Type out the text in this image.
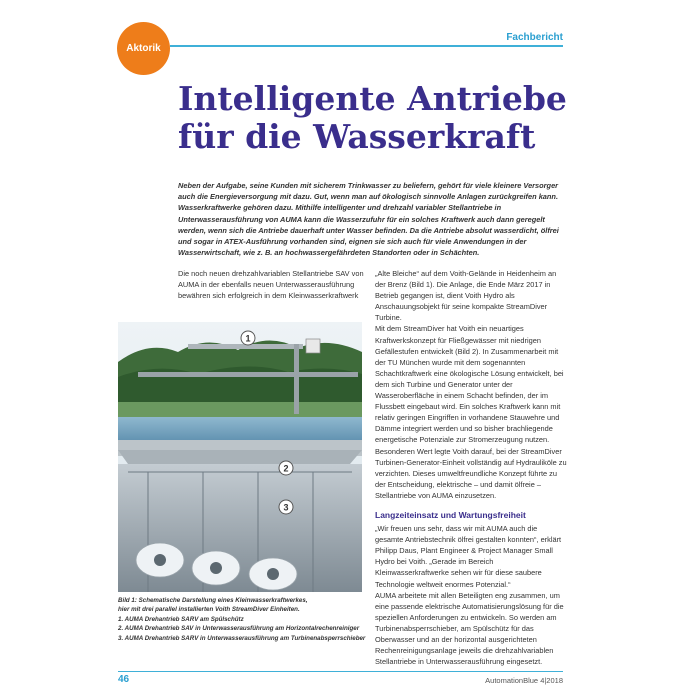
Aktorik
Fachbericht
Intelligente Antriebe für die Wasserkraft

Neben der Aufgabe, seine Kunden mit sicherem Trinkwasser zu beliefern, gehört für viele kleinere Versorger auch die Energieversorgung mit dazu. Gut, wenn man auf ökologisch sinnvolle Anlagen zurückgreifen kann. Wasserkraftwerke gehören dazu. Mithilfe intelligenter und drehzahl variabler Stellantriebe in Unterwasserausführung von AUMA kann die Wasserzufuhr für ein solches Kraftwerk auch dann geregelt werden, wenn sich die Antriebe dauerhaft unter Wasser befinden. Da die Antriebe absolut wasserdicht, ölfrei und sogar in ATEX-Ausführung vorhanden sind, eignen sie sich auch für viele Anwendungen in der Wasserwirtschaft, wie z. B. an hochwassergefährdeten Standorten oder in Schächten.

Die noch neuen drehzahlvariablen Stellantriebe SAV von AUMA in der ebenfalls neuen Unterwasserausführung bewähren sich erfolgreich in dem Kleinwasserkraftwerk

1
2
3
Bild 1: Schematische Darstellung eines Kleinwasserkraftwerkes,
hier mit drei parallel installierten Voith StreamDiver Einheiten.
1. AUMA Drehantrieb SARV am Spülschütz
2. AUMA Drehantrieb SAV in Unterwasserausführung am Horizontalrechenreiniger
3. AUMA Drehantrieb SARV in Unterwasserausführung am Turbinenabsperrschieber

„Alte Bleiche“ auf dem Voith-Gelände in Heidenheim an der Brenz (Bild 1). Die Anlage, die Ende März 2017 in Betrieb gegangen ist, dient Voith Hydro als Anschauungsobjekt für seine kompakte StreamDiver Turbine.

Mit dem StreamDiver hat Voith ein neuartiges Kraftwerkskonzept für Fließgewässer mit niedrigen Gefällestufen entwickelt (Bild 2). In Zusammenarbeit mit der TU München wurde mit dem sogenannten Schachtkraftwerk eine ökologische Lösung entwickelt, bei dem sich Turbine und Generator unter der Wasseroberfläche in einem Schacht befinden, der im Flussbett eingebaut wird. Ein solches Kraftwerk kann mit relativ geringen Eingriffen in vorhandene Stauwehre und Dämme integriert werden und so bisher brachliegende energetische Potenziale zur Stromerzeugung nutzen. Besonderen Wert legte Voith darauf, bei der StreamDiver Turbinen-Generator-Einheit vollständig auf Hydrauliköle zu verzichten. Dieses umweltfreundliche Konzept führte zu der Entscheidung, elektrische – und damit ölfreie – Stellantriebe von AUMA einzusetzen.

Langzeiteinsatz und Wartungsfreiheit

„Wir freuen uns sehr, dass wir mit AUMA auch die gesamte Antriebstechnik ölfrei gestalten konnten“, erklärt Philipp Daus, Plant Engineer & Project Manager Small Hydro bei Voith. „Gerade im Bereich Kleinwasserkraftwerke sehen wir für diese saubere Technologie weltweit enormes Potenzial.“

AUMA arbeitete mit allen Beteiligten eng zusammen, um eine passende elektrische Automatisierungslösung für die speziellen Anforderungen zu entwickeln. So werden am Turbinenabsperrschieber, am Spülschütz für das Oberwasser und an der horizontal ausgerichteten Rechenreinigungsanlage jeweils die drehzahlvariablen Stellantriebe in Unterwasserausführung eingesetzt.

46	AutomationBlue 4|2018
